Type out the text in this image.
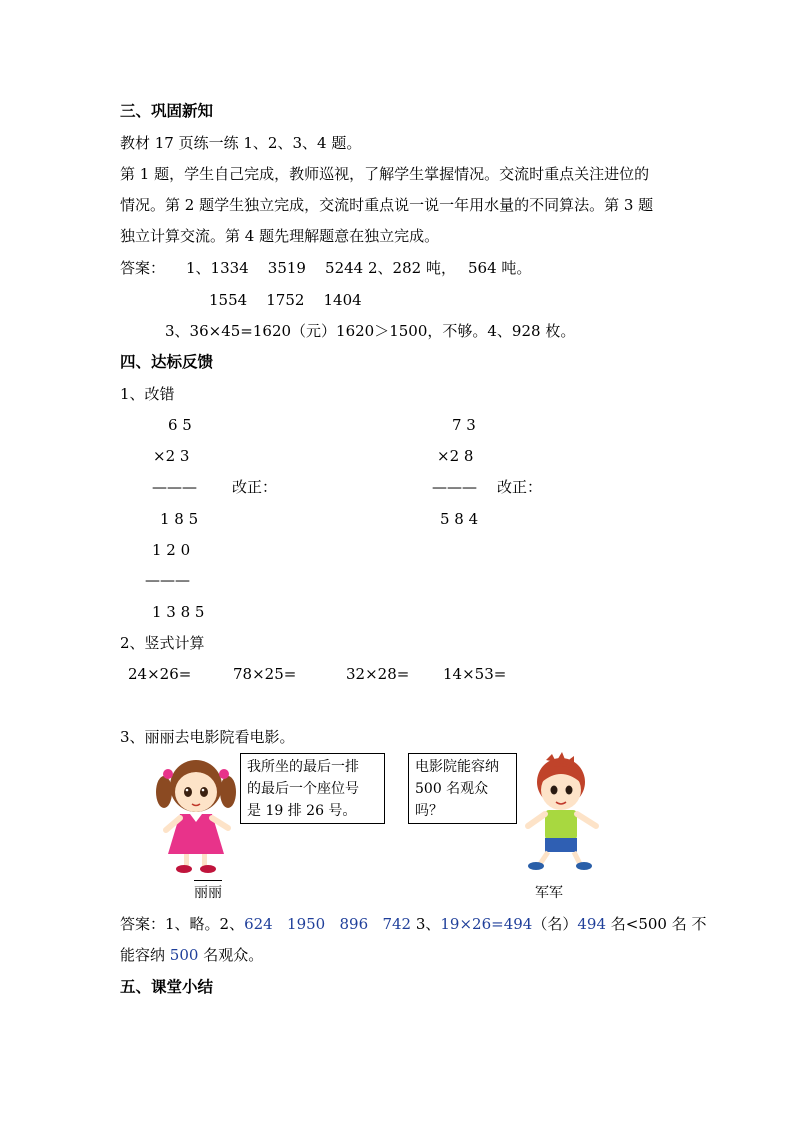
三、巩固新知
教材 17 页练一练 1、2、3、4 题。
第 1 题，学生自己完成，教师巡视，了解学生掌握情况。交流时重点关注进位的
情况。第 2 题学生独立完成，交流时重点说一说一年用水量的不同算法。第 3 题
独立计算交流。第 4 题先理解题意在独立完成。
答案： 1、1334    3519    5244 2、282 吨， 564 吨。
1554    1752    1404
3、36×45=1620（元）1620＞1500，不够。4、928 枚。
四、达标反馈
1、改错
6 5
×2 3
——— 改正：
1 8 5
1 2 0
———
1 3 8 5
7 3
×2 8
——— 改正：
5 8 4
2、竖式计算
24×26=	78×25=	32×28= 14×53=
3、丽丽去电影院看电影。
我所坐的最后一排
的最后一个座位号
是 19 排 26 号。
电影院能容纳
500 名观众吗？
丽丽	军军
答案：1、略。2、624   1950   896   742 3、19×26=494（名）494 名<500 名 不
能容纳 500 名观众。
五、课堂小结
